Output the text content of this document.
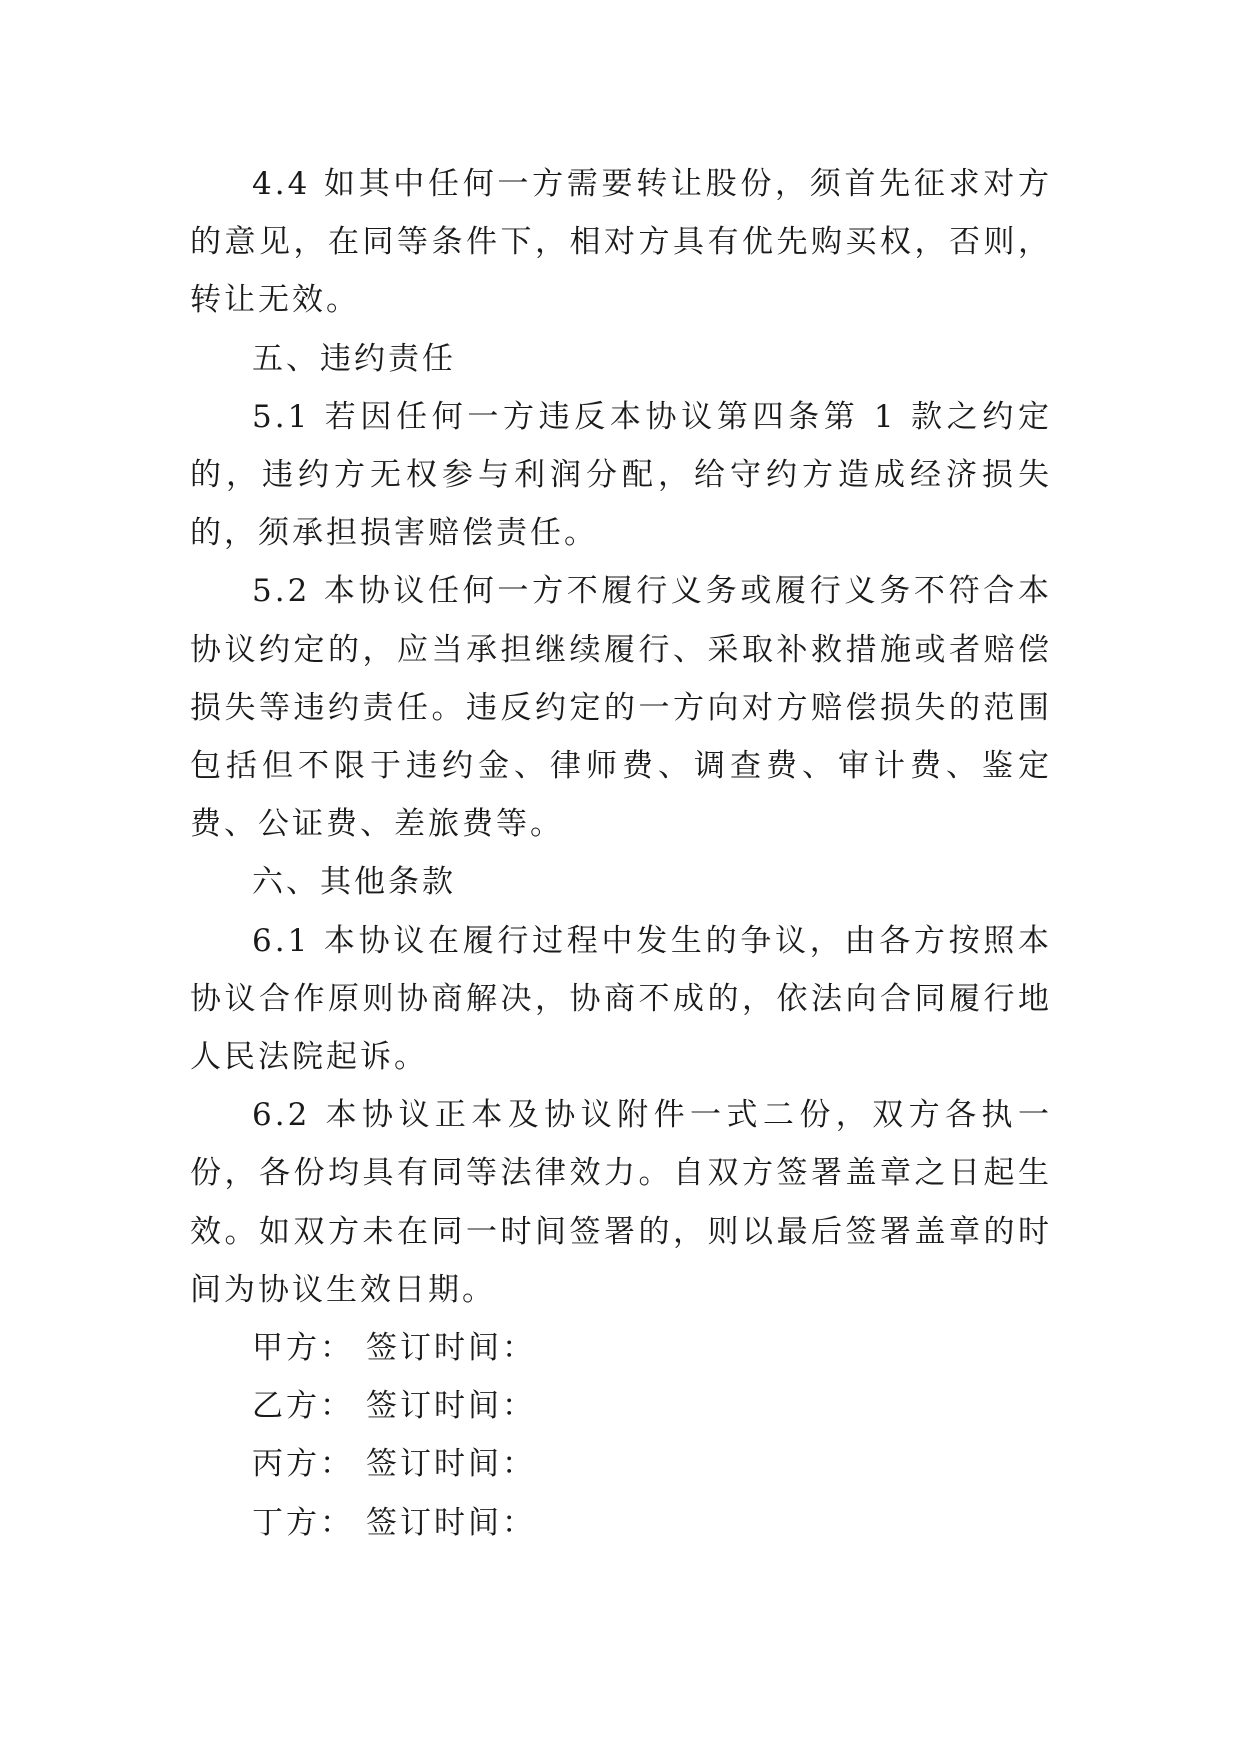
4.4 如其中任何一方需要转让股份，须首先征求对方的意见，在同等条件下，相对方具有优先购买权，否则，转让无效。

五、违约责任

5.1 若因任何一方违反本协议第四条第 1 款之约定的，违约方无权参与利润分配，给守约方造成经济损失的，须承担损害赔偿责任。

5.2 本协议任何一方不履行义务或履行义务不符合本协议约定的，应当承担继续履行、采取补救措施或者赔偿损失等违约责任。违反约定的一方向对方赔偿损失的范围包括但不限于违约金、律师费、调查费、审计费、鉴定费、公证费、差旅费等。

六、其他条款

6.1 本协议在履行过程中发生的争议，由各方按照本协议合作原则协商解决，协商不成的，依法向合同履行地人民法院起诉。

6.2 本协议正本及协议附件一式二份，双方各执一份，各份均具有同等法律效力。自双方签署盖章之日起生效。如双方未在同一时间签署的，则以最后签署盖章的时间为协议生效日期。

甲方： 签订时间：
乙方： 签订时间：
丙方： 签订时间：
丁方： 签订时间：
